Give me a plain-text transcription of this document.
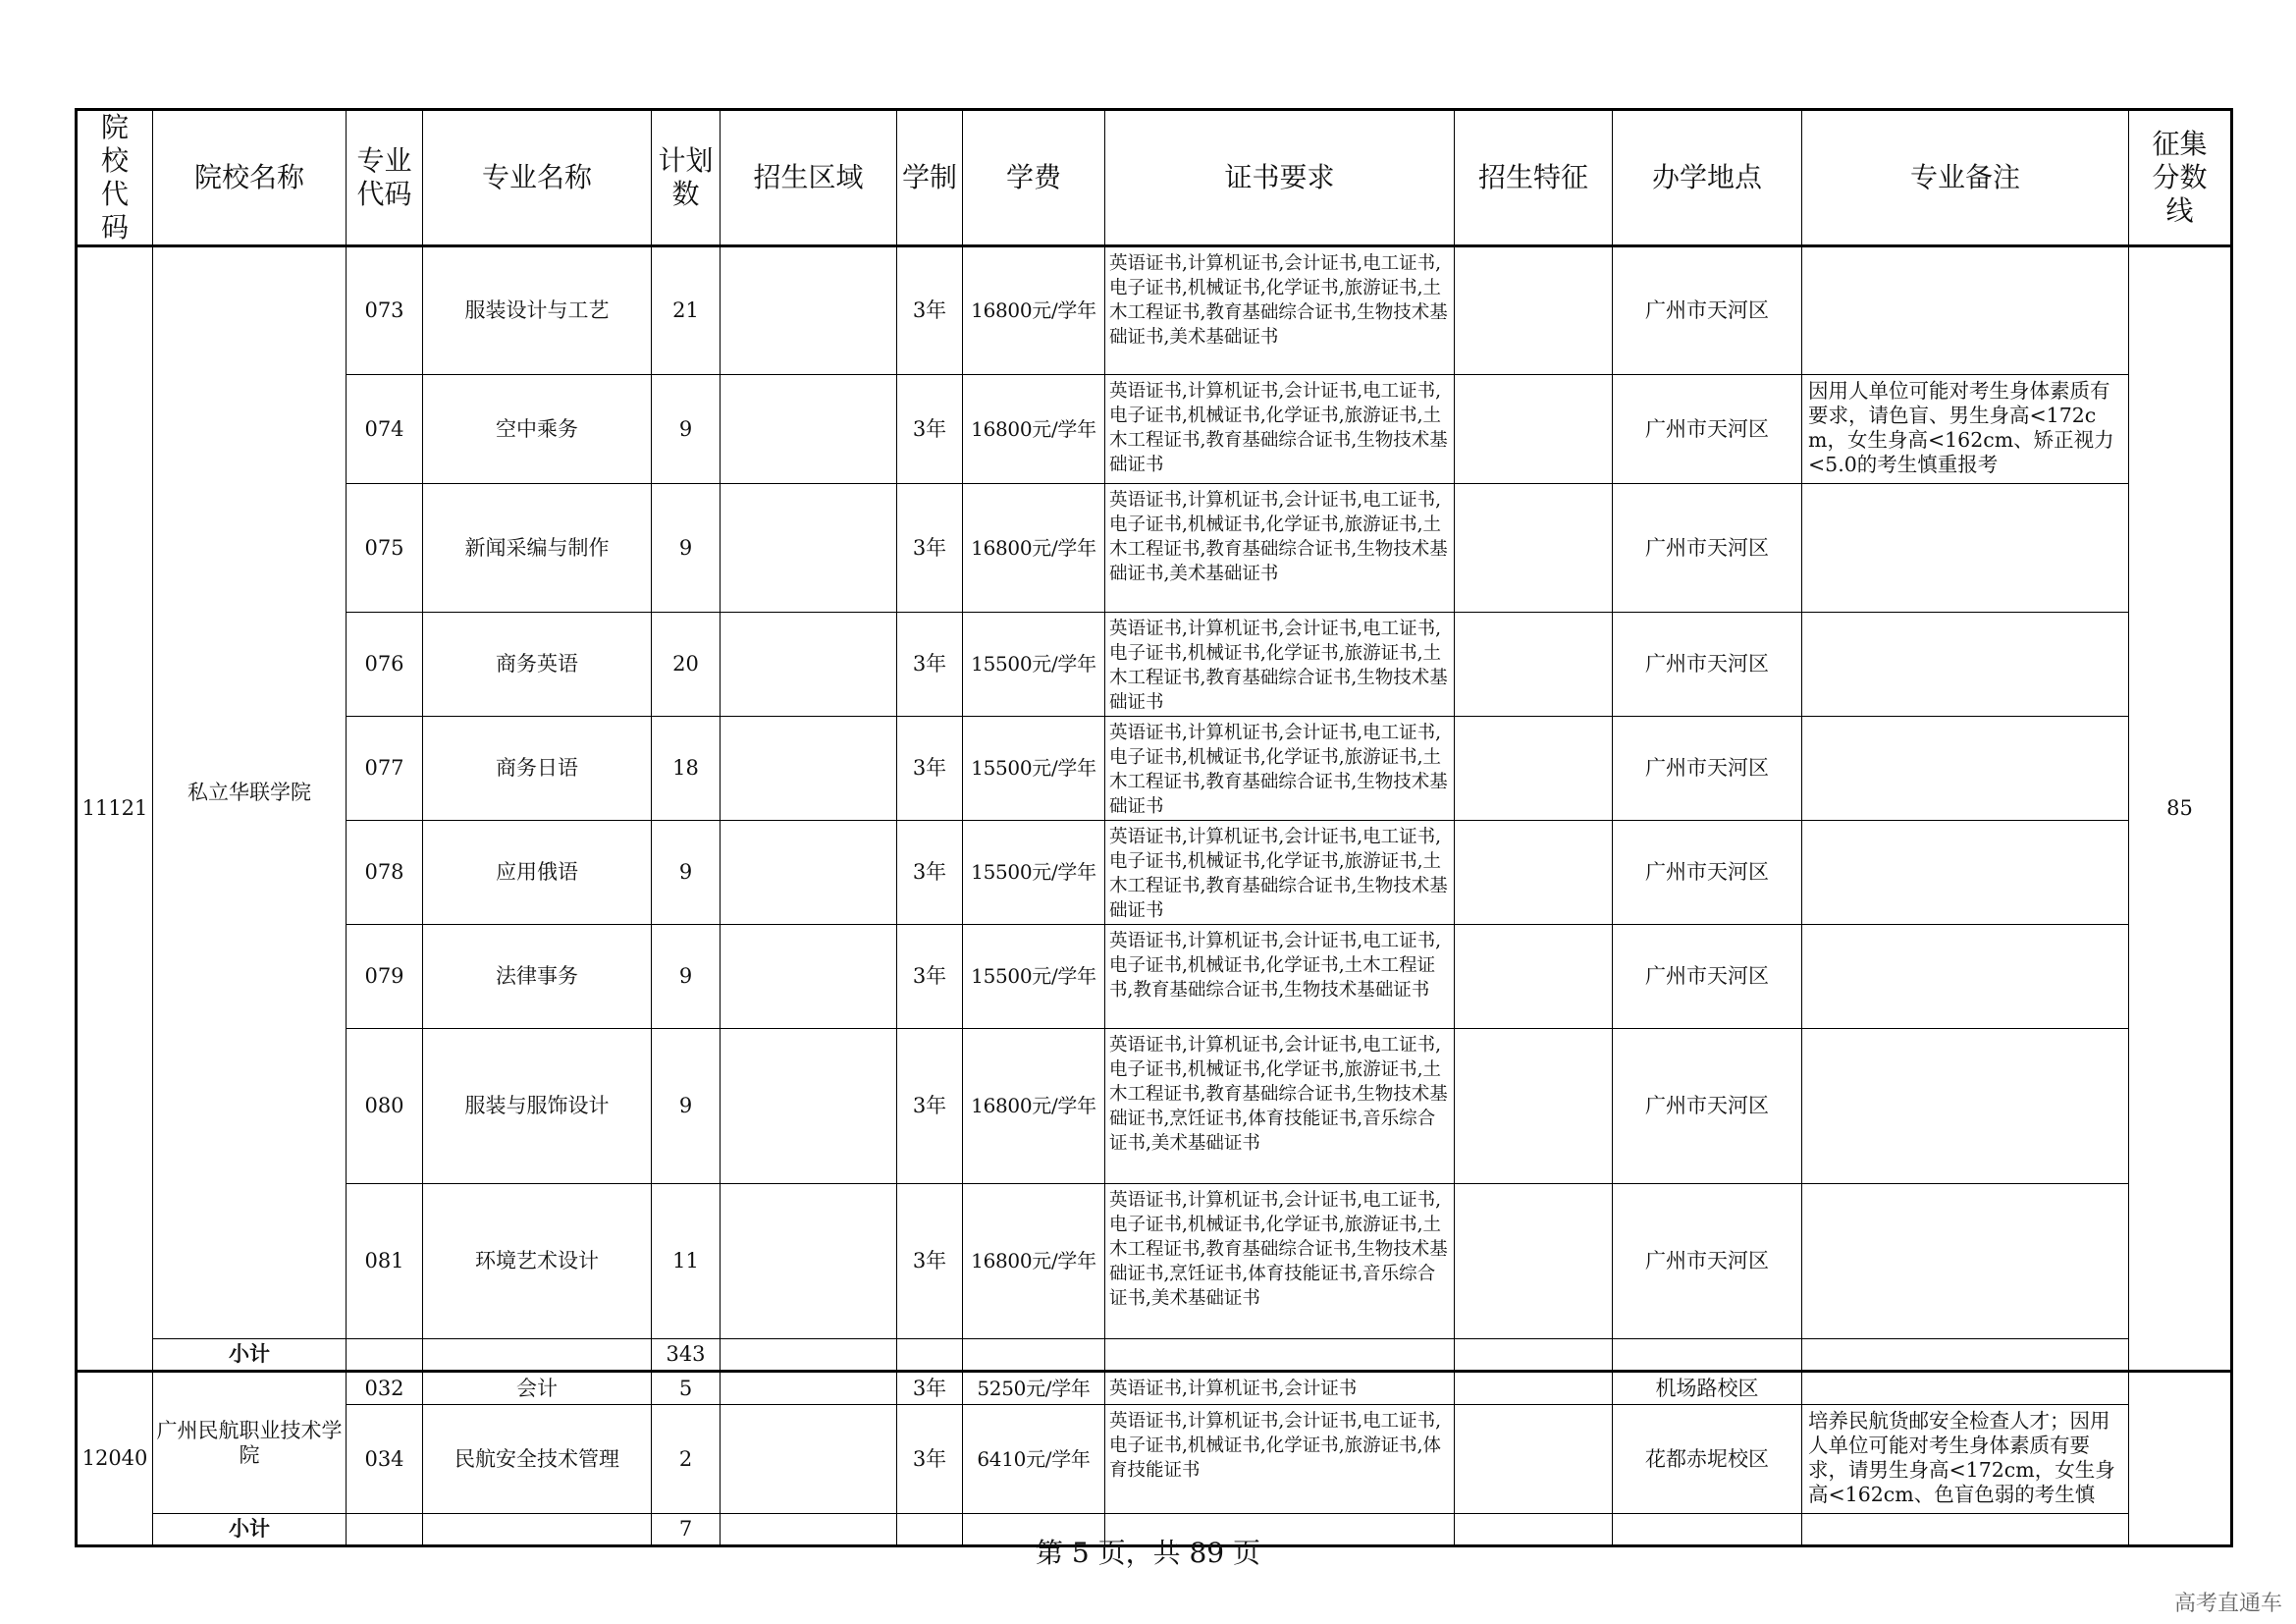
院校代码	院校名称	专业代码	专业名称	计划数	招生区域	学制	学费	证书要求	招生特征	办学地点	专业备注	征集分数线
11121	私立华联学院	073	服装设计与工艺	21		3年	16800元/学年	英语证书,计算机证书,会计证书,电工证书,电子证书,机械证书,化学证书,旅游证书,土木工程证书,教育基础综合证书,生物技术基础证书,美术基础证书		广州市天河区		85
		074	空中乘务	9		3年	16800元/学年	英语证书,计算机证书,会计证书,电工证书,电子证书,机械证书,化学证书,旅游证书,土木工程证书,教育基础综合证书,生物技术基础证书		广州市天河区	因用人单位可能对考生身体素质有要求，请色盲、男生身高<172cm，女生身高<162cm、矫正视力<5.0的考生慎重报考	
		075	新闻采编与制作	9		3年	16800元/学年	英语证书,计算机证书,会计证书,电工证书,电子证书,机械证书,化学证书,旅游证书,土木工程证书,教育基础综合证书,生物技术基础证书,美术基础证书		广州市天河区		
		076	商务英语	20		3年	15500元/学年	英语证书,计算机证书,会计证书,电工证书,电子证书,机械证书,化学证书,旅游证书,土木工程证书,教育基础综合证书,生物技术基础证书		广州市天河区		
		077	商务日语	18		3年	15500元/学年	英语证书,计算机证书,会计证书,电工证书,电子证书,机械证书,化学证书,旅游证书,土木工程证书,教育基础综合证书,生物技术基础证书		广州市天河区		
		078	应用俄语	9		3年	15500元/学年	英语证书,计算机证书,会计证书,电工证书,电子证书,机械证书,化学证书,旅游证书,土木工程证书,教育基础综合证书,生物技术基础证书		广州市天河区		
		079	法律事务	9		3年	15500元/学年	英语证书,计算机证书,会计证书,电工证书,电子证书,机械证书,化学证书,土木工程证书,教育基础综合证书,生物技术基础证书		广州市天河区		
		080	服装与服饰设计	9		3年	16800元/学年	英语证书,计算机证书,会计证书,电工证书,电子证书,机械证书,化学证书,旅游证书,土木工程证书,教育基础综合证书,生物技术基础证书,烹饪证书,体育技能证书,音乐综合证书,美术基础证书		广州市天河区		
		081	环境艺术设计	11		3年	16800元/学年	英语证书,计算机证书,会计证书,电工证书,电子证书,机械证书,化学证书,旅游证书,土木工程证书,教育基础综合证书,生物技术基础证书,烹饪证书,体育技能证书,音乐综合证书,美术基础证书		广州市天河区		
	小计			343								
12040	广州民航职业技术学院	032	会计	5		3年	5250元/学年	英语证书,计算机证书,会计证书		机场路校区		
		034	民航安全技术管理	2		3年	6410元/学年	英语证书,计算机证书,会计证书,电工证书,电子证书,机械证书,化学证书,旅游证书,体育技能证书		花都赤坭校区	培养民航货邮安全检查人才；因用人单位可能对考生身体素质有要求，请男生身高<172cm，女生身高<162cm、色盲色弱的考生慎	
	小计			7								
第 5 页，共 89 页
高考直通车
